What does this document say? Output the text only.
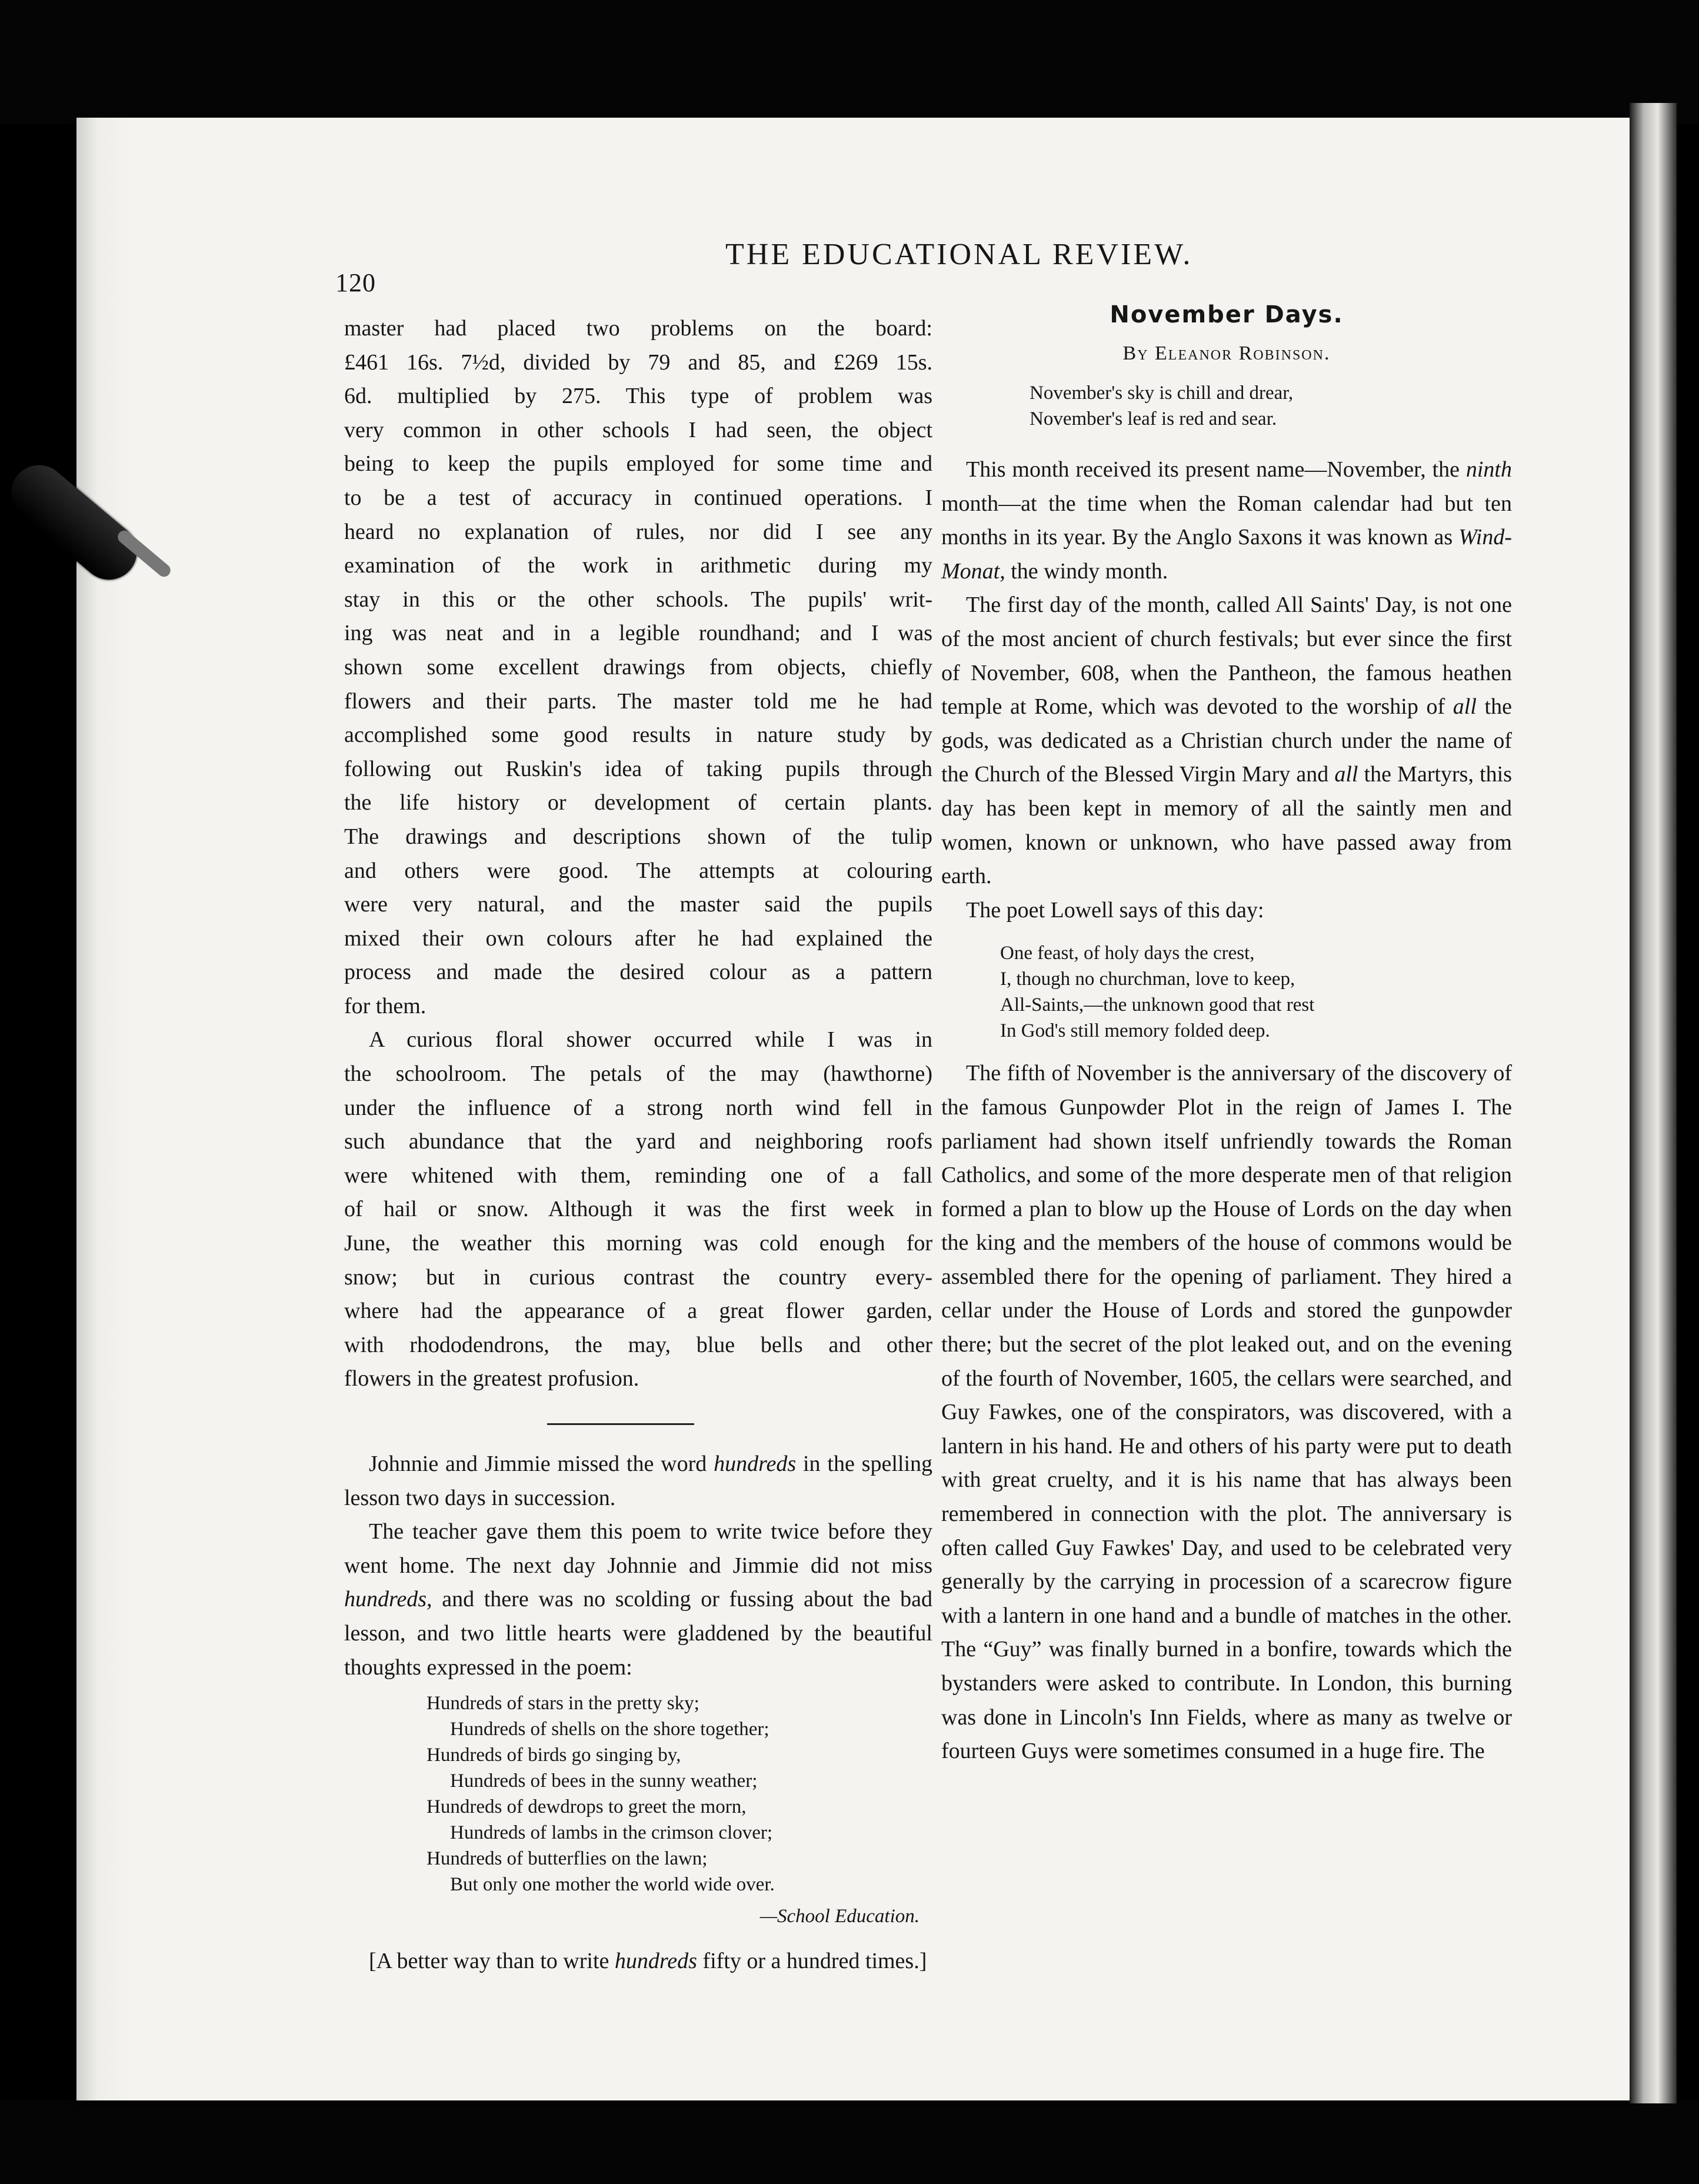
120
THE EDUCATIONAL REVIEW.

master had placed two problems on the board:
£461 16s. 7½d, divided by 79 and 85, and £269 15s.
6d. multiplied by 275. This type of problem was
very common in other schools I had seen, the object
being to keep the pupils employed for some time and
to be a test of accuracy in continued operations. I
heard no explanation of rules, nor did I see any
examination of the work in arithmetic during my
stay in this or the other schools. The pupils' writ-
ing was neat and in a legible roundhand; and I was
shown some excellent drawings from objects, chiefly
flowers and their parts. The master told me he had
accomplished some good results in nature study by
following out Ruskin's idea of taking pupils through
the life history or development of certain plants.
The drawings and descriptions shown of the tulip
and others were good. The attempts at colouring
were very natural, and the master said the pupils
mixed their own colours after he had explained the
process and made the desired colour as a pattern
for them.

A curious floral shower occurred while I was in
the schoolroom. The petals of the may (hawthorne)
under the influence of a strong north wind fell in
such abundance that the yard and neighboring roofs
were whitened with them, reminding one of a fall
of hail or snow. Although it was the first week in
June, the weather this morning was cold enough for
snow; but in curious contrast the country every-
where had the appearance of a great flower garden,
with rhododendrons, the may, blue bells and other
flowers in the greatest profusion.

Johnnie and Jimmie missed the word hundreds in the spelling lesson two days in succession.

The teacher gave them this poem to write twice before they went home. The next day Johnnie and Jimmie did not miss hundreds, and there was no scolding or fussing about the bad lesson, and two little hearts were gladdened by the beautiful thoughts expressed in the poem:

Hundreds of stars in the pretty sky;
Hundreds of shells on the shore together;
Hundreds of birds go singing by,
Hundreds of bees in the sunny weather;
Hundreds of dewdrops to greet the morn,
Hundreds of lambs in the crimson clover;
Hundreds of butterflies on the lawn;
But only one mother the world wide over.
—School Education.

[A better way than to write hundreds fifty or a hundred times.]

November Days.

By Eleanor Robinson.

November's sky is chill and drear,
November's leaf is red and sear.

This month received its present name—November, the ninth month—at the time when the Roman calendar had but ten months in its year. By the Anglo Saxons it was known as Wind-Monat, the windy month.

The first day of the month, called All Saints' Day, is not one of the most ancient of church festivals; but ever since the first of November, 608, when the Pantheon, the famous heathen temple at Rome, which was devoted to the worship of all the gods, was dedicated as a Christian church under the name of the Church of the Blessed Virgin Mary and all the Martyrs, this day has been kept in memory of all the saintly men and women, known or unknown, who have passed away from earth.

The poet Lowell says of this day:

One feast, of holy days the crest,
I, though no churchman, love to keep,
All-Saints,—the unknown good that rest
In God's still memory folded deep.

The fifth of November is the anniversary of the discovery of the famous Gunpowder Plot in the reign of James I. The parliament had shown itself unfriendly towards the Roman Catholics, and some of the more desperate men of that religion formed a plan to blow up the House of Lords on the day when the king and the members of the house of commons would be assembled there for the opening of parliament. They hired a cellar under the House of Lords and stored the gunpowder there; but the secret of the plot leaked out, and on the evening of the fourth of November, 1605, the cellars were searched, and Guy Fawkes, one of the conspirators, was discovered, with a lantern in his hand. He and others of his party were put to death with great cruelty, and it is his name that has always been remembered in connection with the plot. The anniversary is often called Guy Fawkes' Day, and used to be celebrated very generally by the carrying in procession of a scarecrow figure with a lantern in one hand and a bundle of matches in the other. The “Guy” was finally burned in a bonfire, towards which the bystanders were asked to contribute. In London, this burning was done in Lincoln's Inn Fields, where as many as twelve or fourteen Guys were sometimes consumed in a huge fire. The
